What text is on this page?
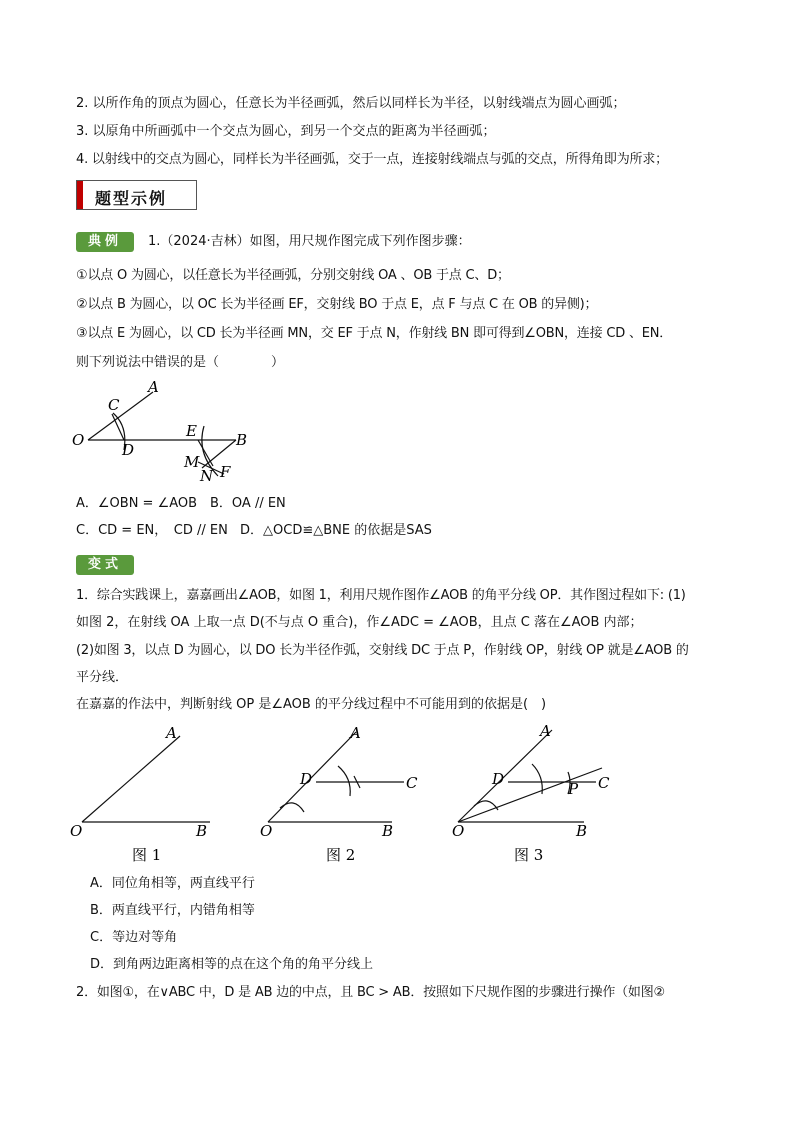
2. 以所作角的顶点为圆心，任意长为半径画弧，然后以同样长为半径，以射线端点为圆心画弧；
3. 以原角中所画弧中一个交点为圆心，到另一个交点的距离为半径画弧；
4. 以射线中的交点为圆心，同样长为半径画弧，交于一点，连接射线端点与弧的交点，所得角即为所求；
题型示例
典例	1.（2024·吉林）如图，用尺规作图完成下列作图步骤：
①以点 O 为圆心，以任意长为半径画弧，分别交射线 OA 、OB 于点 C、D；
②以点 B 为圆心，以 OC 长为半径画 EF，交射线 BO 于点 E，点 F 与点 C 在 OB 的异侧)；
③以点 E 为圆心，以 CD 长为半径画 MN，交 EF 于点 N，作射线 BN 即可得到∠OBN，连接 CD 、EN．
则下列说法中错误的是（　　　　）
A
C
O
D
E	B
M
N F
A．∠OBN = ∠AOB B．OA // EN
C．CD = EN，　CD // EN D．△OCD≌△BNE 的依据是SAS
变式
1．综合实践课上，嘉嘉画出∠AOB，如图 1，利用尺规作图作∠AOB 的角平分线 OP．其作图过程如下: (1)
如图 2，在射线 OA 上取一点 D(不与点 O 重合)，作∠ADC = ∠AOB，且点 C 落在∠AOB 内部；
(2)如图 3，以点 D 为圆心，以 DO 长为半径作弧，交射线 DC 于点 P，作射线 OP，射线 OP 就是∠AOB 的
平分线．
在嘉嘉的作法中，判断射线 OP 是∠AOB 的平分线过程中不可能用到的依据是(　)
A
O	B
图 1
A
D	C
O	B
图 2
A
D	C
P
O	B
图 3
A．同位角相等，两直线平行
B．两直线平行，内错角相等
C．等边对等角
D．到角两边距离相等的点在这个角的角平分线上
2．如图①，在∨ABC 中，D 是 AB 边的中点，且 BC > AB．按照如下尺规作图的步骤进行操作（如图②
